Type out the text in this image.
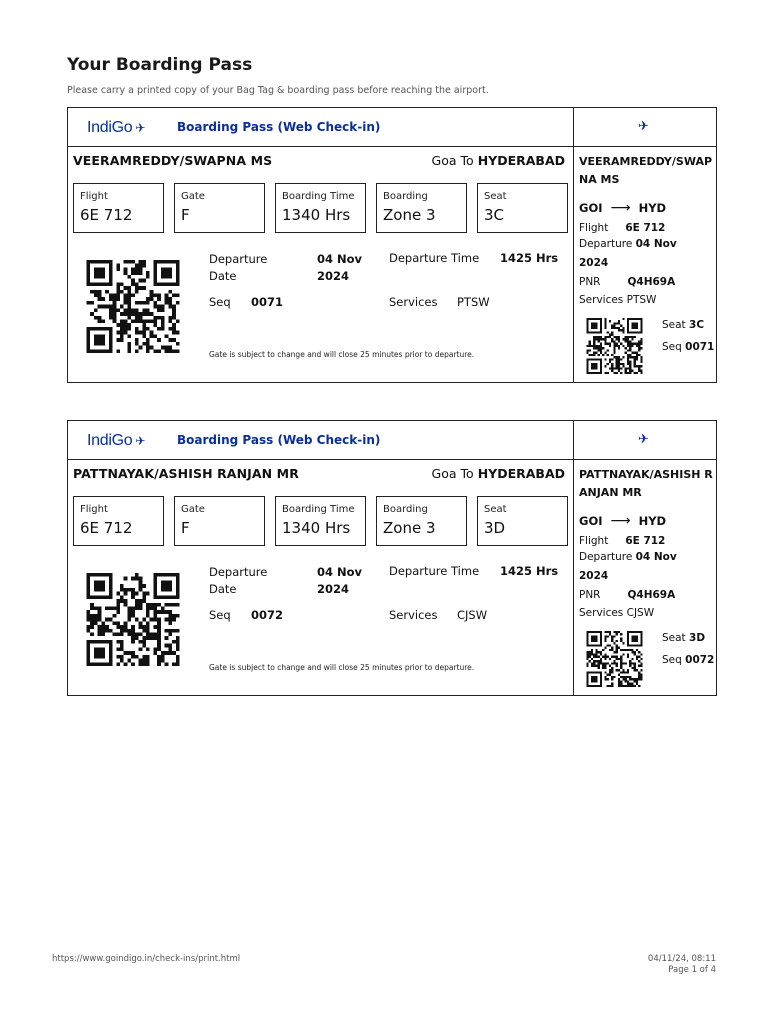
Your Boarding Pass
Please carry a printed copy of your Bag Tag & boarding pass before reaching the airport.
IndiGo ✈	Boarding Pass (Web Check-in)	✈
VEERAMREDDY/SWAPNA MS	Goa To HYDERABAD
Flight
6E 712
Gate
F
Boarding Time
1340 Hrs
Boarding
Zone 3
Seat
3C
Departure Date
04 Nov 2024
Departure Time 1425 Hrs
Seq 0071	Services PTSW
Gate is subject to change and will close 25 minutes prior to departure.
VEERAMREDDY/SWAPNA MS
GOI ⟶ HYD
Flight 6E 712
Departure 04 Nov 2024
PNR	Q4H69A
Services PTSW
Seat 3C
Seq 0071
IndiGo ✈	Boarding Pass (Web Check-in)	✈
PATTNAYAK/ASHISH RANJAN MR	Goa To HYDERABAD
Flight
6E 712
Gate
F
Boarding Time
1340 Hrs
Boarding
Zone 3
Seat
3D
Departure Date
04 Nov 2024
Departure Time 1425 Hrs
Seq 0072	Services CJSW
Gate is subject to change and will close 25 minutes prior to departure.
PATTNAYAK/ASHISH RANJAN MR
GOI ⟶ HYD
Flight 6E 712
Departure 04 Nov 2024
PNR	Q4H69A
Services CJSW
Seat 3D
Seq 0072
https://www.goindigo.in/check-ins/print.html	04/11/24, 08:11
Page 1 of 4
